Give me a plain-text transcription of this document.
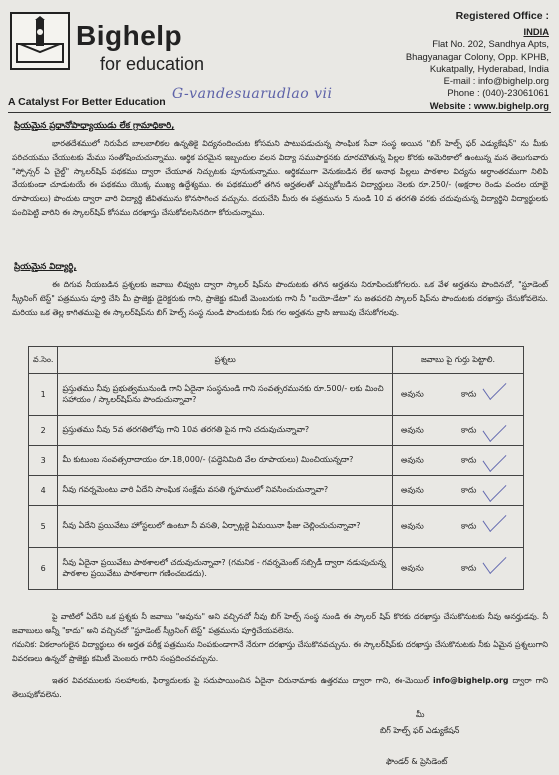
Bighelp
for education
A Catalyst For Better Education G-vandesuarudlao vii
Registered Office :
INDIA
Flat No. 202, Sandhya Apts,
Bhagyanagar Colony, Opp. KPHB,
Kukatpally, Hyderabad, India
E-mail : info@bighelp.org
Phone : (040)-23061061
Website : www.bighelp.org
ప్రియమైన ప్రధానోపాధ్యాయుడు లేక గ్రామాధికారి,
భారతదేశములో నిరుపేద బాలబాలికల ఉన్నతికై విద్యనందించుట కోసమని పాటుపడుచున్న సాంఘిక సేవా సంస్థ అయిన "బిగ్ హెల్ప్ ఫర్ ఎడ్యుకేషన్" ను మీకు పరిచయము చేయుటకు మేము సంతోషించుచున్నాము. ఆర్థిక పరమైన ఇబ్బందుల వలన విద్యా సముపార్జనకు దూరమౌతున్న పిల్లల కొరకు అమెరికాలో ఉంటున్న మన తెలుగువారు "స్పోన్సర్ ఏ చైల్డ్" స్కాలర్‌షిప్ పథకము ద్వారా చేయూత నిచ్చుటకు పూనుకున్నాము. ఆర్థికముగా వెనుకబడిన లేక అనాథ పిల్లలు పాఠశాల విద్యను అర్ధాంతరముగా నిలిపి వేయకుండా చూడుటయే ఈ పథకము యొక్క ముఖ్య ఉద్దేశ్యము. ఈ పథకములో తగిన అర్హతలతో ఎన్నుకోబడిన విద్యార్థులు నెలకు రూ.250/- (అక్షరాల రెండు వందల యాభై రూపాయలు) పొందుట ద్వారా వారి విద్యార్థి జీవితమును కొనసాగించ వచ్చును. దయచేసి మీరు ఈ పత్రమును 5 నుండి 10 వ తరగతి వరకు చదువుచున్న విద్యార్థిని విద్యార్థులకు పంచిపెట్టి వారిని ఈ స్కాలర్‌షిప్ కోసము దరఖాస్తు చేసుకోవలసినదిగా కోరుచున్నాము.
ప్రియమైన విద్యార్థి,
ఈ దిగువ నీయబడిన ప్రశ్నలకు జవాబు లివ్వుట ద్వారా స్కాలర్ షిప్‌ను పొందుటకు తగిన అర్హతను నిరూపించుకోగలరు. ఒక వేళ అర్హతను పొందినచో, "స్టూడెంట్ స్క్రీనింగ్ టెస్ట్" పత్రమును పూర్తి చేసి మీ ప్రాజెక్టు డైరెక్టరుకు గాని, ప్రాజెక్టు కమిటీ మెంబరుకు గాని నీ "బయో-డేటా" ను జతపరచి స్కాలర్ షిప్‌ను పొందుటకు దరఖాస్తు చేసుకోవలెను. మరియు ఒక తెల్ల కాగితముపై ఈ స్కాలర్‌షిప్‌ను బిగ్ హెల్ప్ సంస్థ నుండి పొందుటకు నీకు గల అర్హతను వ్రాసి జుబువు చేసుకోగలవు.
వ.సెం.	ప్రశ్నలు	జవాబు పై గుర్తు పెట్టాలి.
1	ప్రస్తుతము నీవు ప్రభుత్వమునుండి గాని ఏదైనా సంస్థనుండి గాని సంవత్సరమునకు రూ.500/- లకు మించి సహాయం / స్కాలర్‌షిప్‌ను పొందుచున్నావా?	అవును కాదు

2	ప్రస్తుతము నీవు 5వ తరగతిలోపు గాని 10వ తరగతి పైన గాని చదువుచున్నావా?	అవును కాదు

3	మీ కుటుంబ సంవత్సరాదాయం రూ.18,000/- (పద్దెనిమిది వేల రూపాయలు) మించియున్నదా?	అవును కాదు

4	నీవు గవర్నమెంటు వారి ఏదేని సాంఘిక సంక్షేమ వసతి గృహములో నివసించుచున్నావా?	అవును కాదు

5	నీవు ఏదేని ప్రయివేటు హోస్టలులో ఉంటూ నీ వసతి, ఏర్పాట్లకై ఏమయినా ఫీజు చెల్లించుచున్నావా?	అవును కాదు

6	నీవు ఏదైనా ప్రయివేటు పాఠశాలలో చదువుచున్నావా? (గమనిక - గవర్నమెంట్ సబ్సిడీ ద్వారా నడుపుచున్న పాఠశాల ప్రయివేటు పాఠశాలగా గణించబడదు).	అవును కాదు
పై వాటిలో ఏదేని ఒక ప్రశ్నకు నీ జవాబు "అవును" అని వచ్చినచో నీవు బిగ్ హెల్ప్ సంస్థ నుండి ఈ స్కాలర్ షిప్ కొరకు దరఖాస్తు చేసుకొనుటకు నీవు అనర్హుడవు. నీ జవాబులు అన్నీ "కాదు" అని వచ్చినచో "స్టూడెంట్ స్క్రీనింగ్ టెస్ట్" పత్రమును పూర్తిచేయవలెను.
గమనిక: వికలాంగులైన విద్యార్థులు ఈ అర్హత పరీక్ష పత్రమును నింపకుండాగానే నేరుగా దరఖాస్తు చేసుకొనవచ్చును. ఈ స్కాలర్‌షిప్‌కు దరఖాస్తు చేసుకొనుటకు నీకు ఏమైన ప్రశ్నలుగాని వివరణలు ఉన్నచో ప్రాజెక్టు కమిటీ మెంబరు గారిని సంప్రదించవచ్చును.
ఇతర వివరములకు సలహాలకు, ఫిర్యాదులకు పై సదుపాయించిన ఏదైనా చిరునామాకు ఉత్తరము ద్వారా గాని, ఈ-మెయిల్ info@bighelp.org ద్వారా గాని తెలుపుకోవలెను.
మీ
బిగ్ హెల్ప్ ఫర్ ఎడ్యుకేషన్
ఫౌండర్ & ప్రెసిడెంట్
